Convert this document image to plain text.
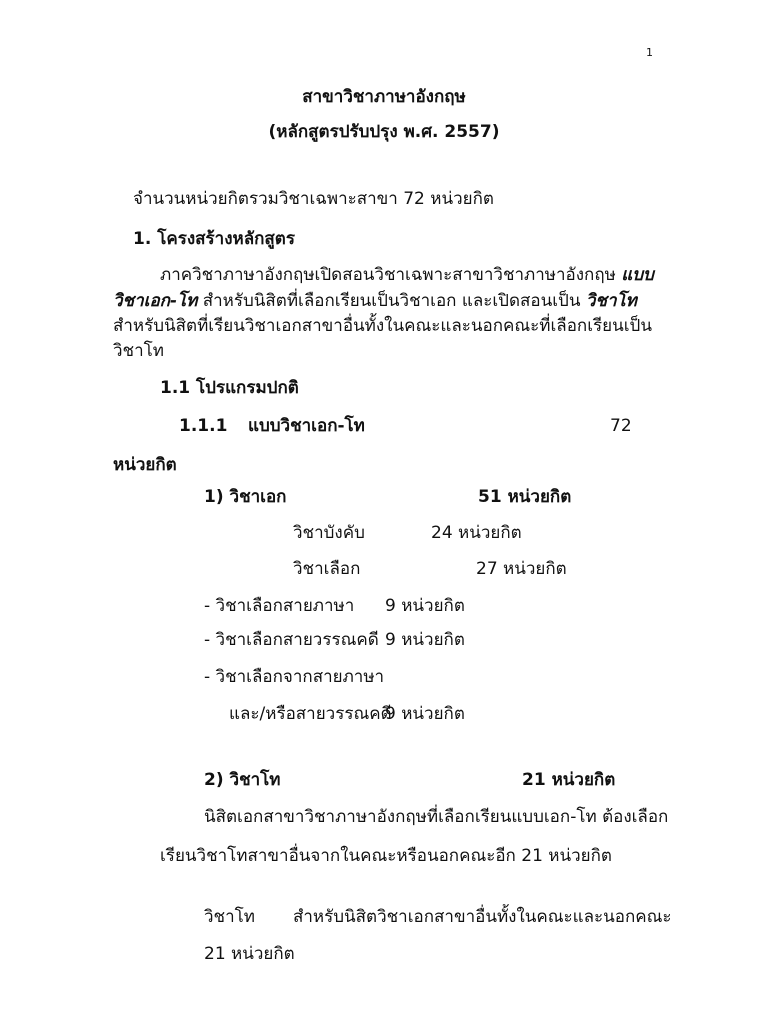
1
สาขาวิชาภาษาอังกฤษ
(หลักสูตรปรับปรุง พ.ศ. 2557)
จำนวนหน่วยกิตรวมวิชาเฉพาะสาขา 72 หน่วยกิต
1. โครงสร้างหลักสูตร
ภาควิชาภาษาอังกฤษเปิดสอนวิชาเฉพาะสาขาวิชาภาษาอังกฤษ แบบ
วิชาเอก-โท สำหรับนิสิตที่เลือกเรียนเป็นวิชาเอก และเปิดสอนเป็น วิชาโท
สำหรับนิสิตที่เรียนวิชาเอกสาขาอื่นทั้งในคณะและนอกคณะที่เลือกเรียนเป็น
วิชาโท
1.1 โปรแกรมปกติ
1.1.1 แบบวิชาเอก-โท	72
หน่วยกิต
1) วิชาเอก	51 หน่วยกิต
วิชาบังคับ	24 หน่วยกิต
วิชาเลือก	27 หน่วยกิต
- วิชาเลือกสายภาษา 9 หน่วยกิต
- วิชาเลือกสายวรรณคดี 9 หน่วยกิต
- วิชาเลือกจากสายภาษา
และ/หรือสายวรรณคดี
9 หน่วยกิต
2) วิชาโท	21 หน่วยกิต
นิสิตเอกสาขาวิชาภาษาอังกฤษที่เลือกเรียนแบบเอก-โท ต้องเลือก
เรียนวิชาโทสาขาอื่นจากในคณะหรือนอกคณะอีก 21 หน่วยกิต
วิชาโท สำหรับนิสิตวิชาเอกสาขาอื่นทั้งในคณะและนอกคณะ
21 หน่วยกิต
